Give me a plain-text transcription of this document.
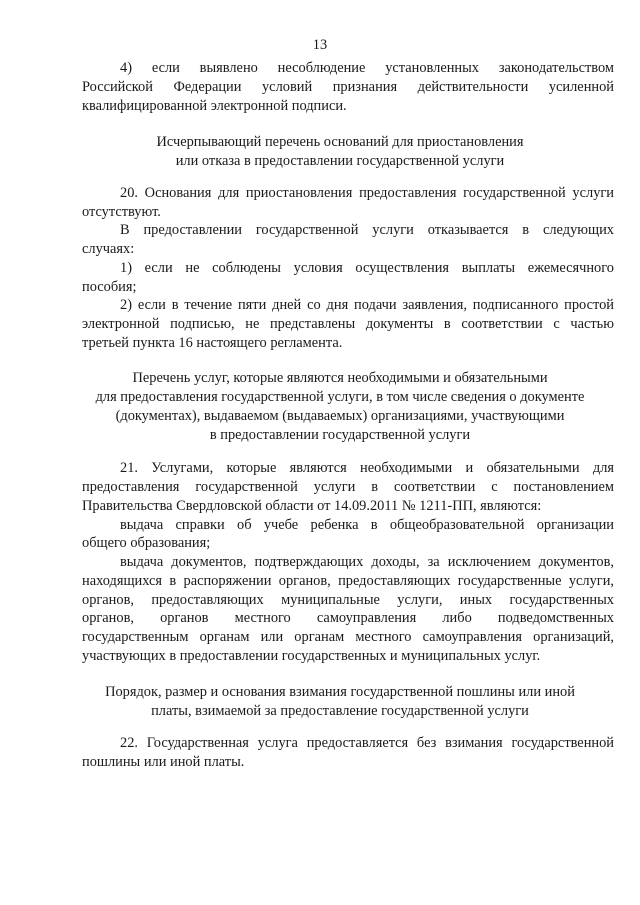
13
4) если выявлено несоблюдение установленных законодательством
Российской Федерации условий признания действительности усиленной
квалифицированной электронной подписи.
Исчерпывающий перечень оснований для приостановления
или отказа в предоставлении государственной услуги
20. Основания для приостановления предоставления государственной услуги
отсутствуют.
В предоставлении государственной услуги отказывается в следующих
случаях:
1) если не соблюдены условия осуществления выплаты ежемесячного
пособия;
2) если в течение пяти дней со дня подачи заявления, подписанного простой
электронной подписью, не представлены документы в соответствии с частью
третьей пункта 16 настоящего регламента.
Перечень услуг, которые являются необходимыми и обязательными
для предоставления государственной услуги, в том числе сведения о документе
(документах), выдаваемом (выдаваемых) организациями, участвующими
в предоставлении государственной услуги
21. Услугами, которые являются необходимыми и обязательными для
предоставления государственной услуги в соответствии с постановлением
Правительства Свердловской области от 14.09.2011 № 1211-ПП, являются:
выдача справки об учебе ребенка в общеобразовательной организации
общего образования;
выдача документов, подтверждающих доходы, за исключением документов,
находящихся в распоряжении органов, предоставляющих государственные услуги,
органов, предоставляющих муниципальные услуги, иных государственных
органов, органов местного самоуправления либо подведомственных
государственным органам или органам местного самоуправления организаций,
участвующих в предоставлении государственных и муниципальных услуг.
Порядок, размер и основания взимания государственной пошлины или иной
платы, взимаемой за предоставление государственной услуги
22. Государственная услуга предоставляется без взимания государственной
пошлины или иной платы.
